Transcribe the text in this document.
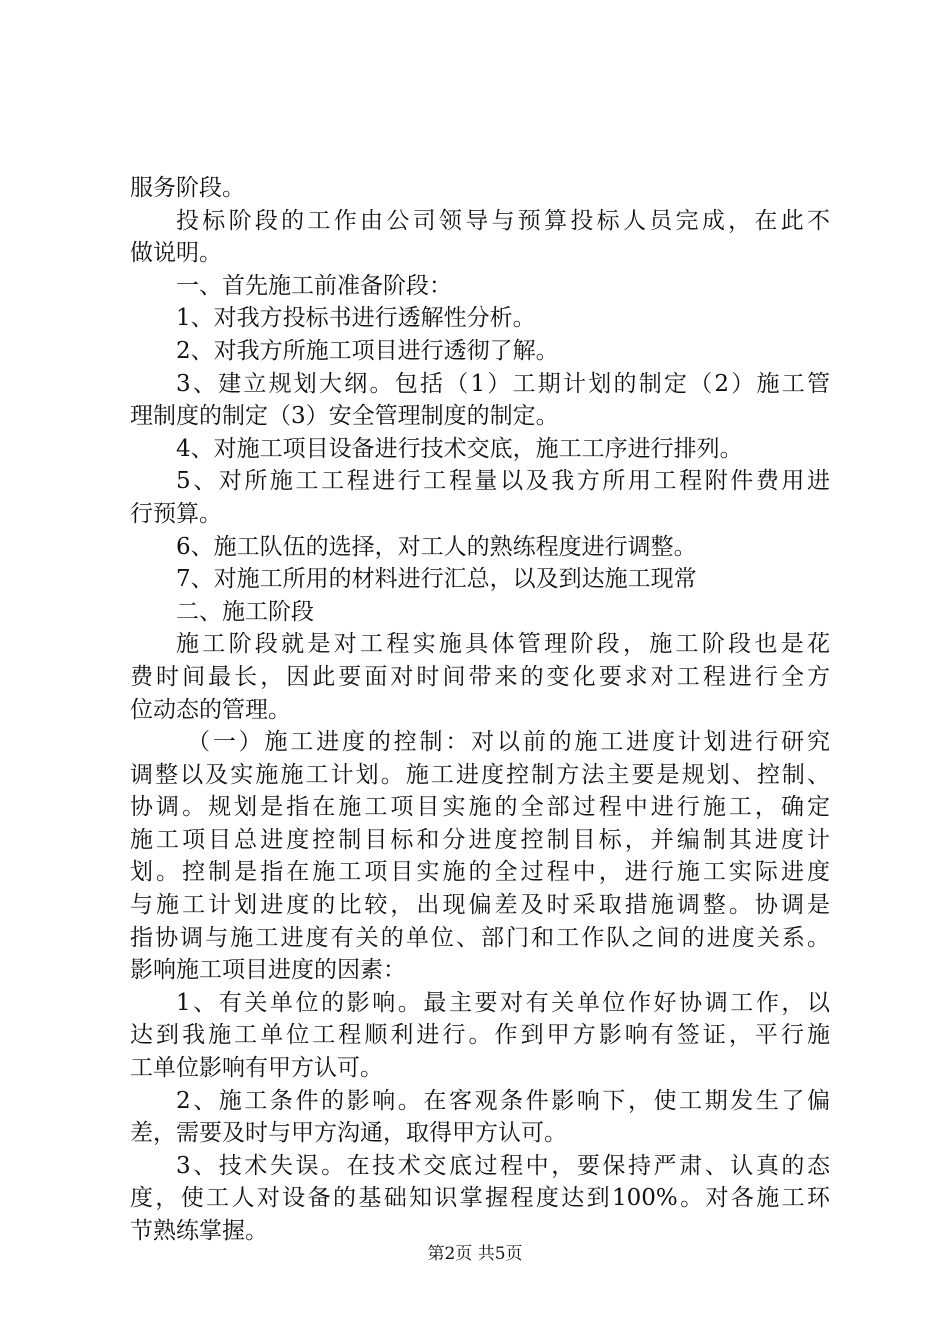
服务阶段。
投标阶段的工作由公司领导与预算投标人员完成，在此不
做说明。
一、首先施工前准备阶段：
1、对我方投标书进行透解性分析。
2、对我方所施工项目进行透彻了解。
3、建立规划大纲。包括（1）工期计划的制定（2）施工管
理制度的制定（3）安全管理制度的制定。
4、对施工项目设备进行技术交底，施工工序进行排列。
5、对所施工工程进行工程量以及我方所用工程附件费用进
行预算。
6、施工队伍的选择，对工人的熟练程度进行调整。
7、对施工所用的材料进行汇总，以及到达施工现常
二、施工阶段
施工阶段就是对工程实施具体管理阶段，施工阶段也是花
费时间最长，因此要面对时间带来的变化要求对工程进行全方
位动态的管理。
（一）施工进度的控制：对以前的施工进度计划进行研究
调整以及实施施工计划。施工进度控制方法主要是规划、控制、
协调。规划是指在施工项目实施的全部过程中进行施工，确定
施工项目总进度控制目标和分进度控制目标，并编制其进度计
划。控制是指在施工项目实施的全过程中，进行施工实际进度
与施工计划进度的比较，出现偏差及时采取措施调整。协调是
指协调与施工进度有关的单位、部门和工作队之间的进度关系。
影响施工项目进度的因素：
1、有关单位的影响。最主要对有关单位作好协调工作，以
达到我施工单位工程顺利进行。作到甲方影响有签证，平行施
工单位影响有甲方认可。
2、施工条件的影响。在客观条件影响下，使工期发生了偏
差，需要及时与甲方沟通，取得甲方认可。
3、技术失误。在技术交底过程中，要保持严肃、认真的态
度，使工人对设备的基础知识掌握程度达到100%。对各施工环
节熟练掌握。
第2页 共5页
